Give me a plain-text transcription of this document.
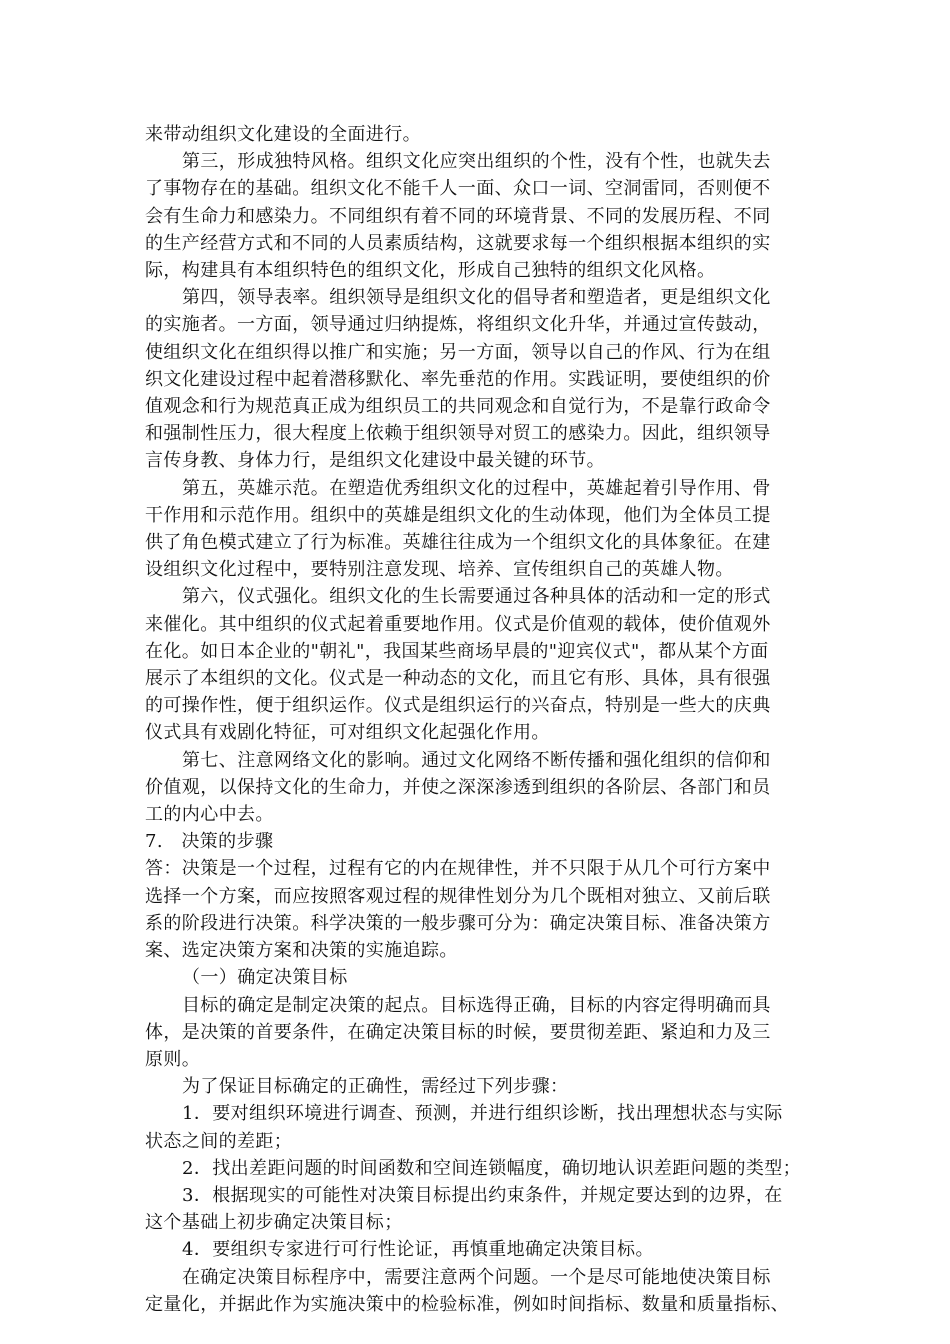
来带动组织文化建设的全面进行。

第三，形成独特风格。组织文化应突出组织的个性，没有个性，也就失去

了事物存在的基础。组织文化不能千人一面、众口一词、空洞雷同，否则便不

会有生命力和感染力。不同组织有着不同的环境背景、不同的发展历程、不同

的生产经营方式和不同的人员素质结构，这就要求每一个组织根据本组织的实

际，构建具有本组织特色的组织文化，形成自己独特的组织文化风格。

第四，领导表率。组织领导是组织文化的倡导者和塑造者，更是组织文化

的实施者。一方面，领导通过归纳提炼，将组织文化升华，并通过宣传鼓动，

使组织文化在组织得以推广和实施；另一方面，领导以自己的作风、行为在组

织文化建设过程中起着潜移默化、率先垂范的作用。实践证明，要使组织的价

值观念和行为规范真正成为组织员工的共同观念和自觉行为，不是靠行政命令

和强制性压力，很大程度上依赖于组织领导对贸工的感染力。因此，组织领导

言传身教、身体力行，是组织文化建设中最关键的环节。

第五，英雄示范。在塑造优秀组织文化的过程中，英雄起着引导作用、骨

干作用和示范作用。组织中的英雄是组织文化的生动体现，他们为全体员工提

供了角色模式建立了行为标准。英雄往往成为一个组织文化的具体象征。在建

设组织文化过程中，要特别注意发现、培养、宣传组织自己的英雄人物。

第六，仪式强化。组织文化的生长需要通过各种具体的活动和一定的形式

来催化。其中组织的仪式起着重要地作用。仪式是价值观的载体，使价值观外

在化。如日本企业的"朝礼"，我国某些商场早晨的"迎宾仪式"，都从某个方面

展示了本组织的文化。仪式是一种动态的文化，而且它有形、具体，具有很强

的可操作性，便于组织运作。仪式是组织运行的兴奋点，特别是一些大的庆典

仪式具有戏剧化特征，可对组织文化起强化作用。

第七、注意网络文化的影响。通过文化网络不断传播和强化组织的信仰和

价值观，以保持文化的生命力，并使之深深渗透到组织的各阶层、各部门和员

工的内心中去。

7.　决策的步骤

答：决策是一个过程，过程有它的内在规律性，并不只限于从几个可行方案中

选择一个方案，而应按照客观过程的规律性划分为几个既相对独立、又前后联

系的阶段进行决策。科学决策的一般步骤可分为：确定决策目标、准备决策方

案、选定决策方案和决策的实施追踪。

（一）确定决策目标

目标的确定是制定决策的起点。目标选得正确，目标的内容定得明确而具

体，是决策的首要条件，在确定决策目标的时候，要贯彻差距、紧迫和力及三

原则。

为了保证目标确定的正确性，需经过下列步骤：

1．要对组织环境进行调查、预测，并进行组织诊断，找出理想状态与实际

状态之间的差距；

2．找出差距问题的时间函数和空间连锁幅度，确切地认识差距问题的类型；

3．根据现实的可能性对决策目标提出约束条件，并规定要达到的边界，在

这个基础上初步确定决策目标；

4．要组织专家进行可行性论证，再慎重地确定决策目标。

在确定决策目标程序中，需要注意两个问题。一个是尽可能地使决策目标

定量化，并据此作为实施决策中的检验标准，例如时间指标、数量和质量指标、
